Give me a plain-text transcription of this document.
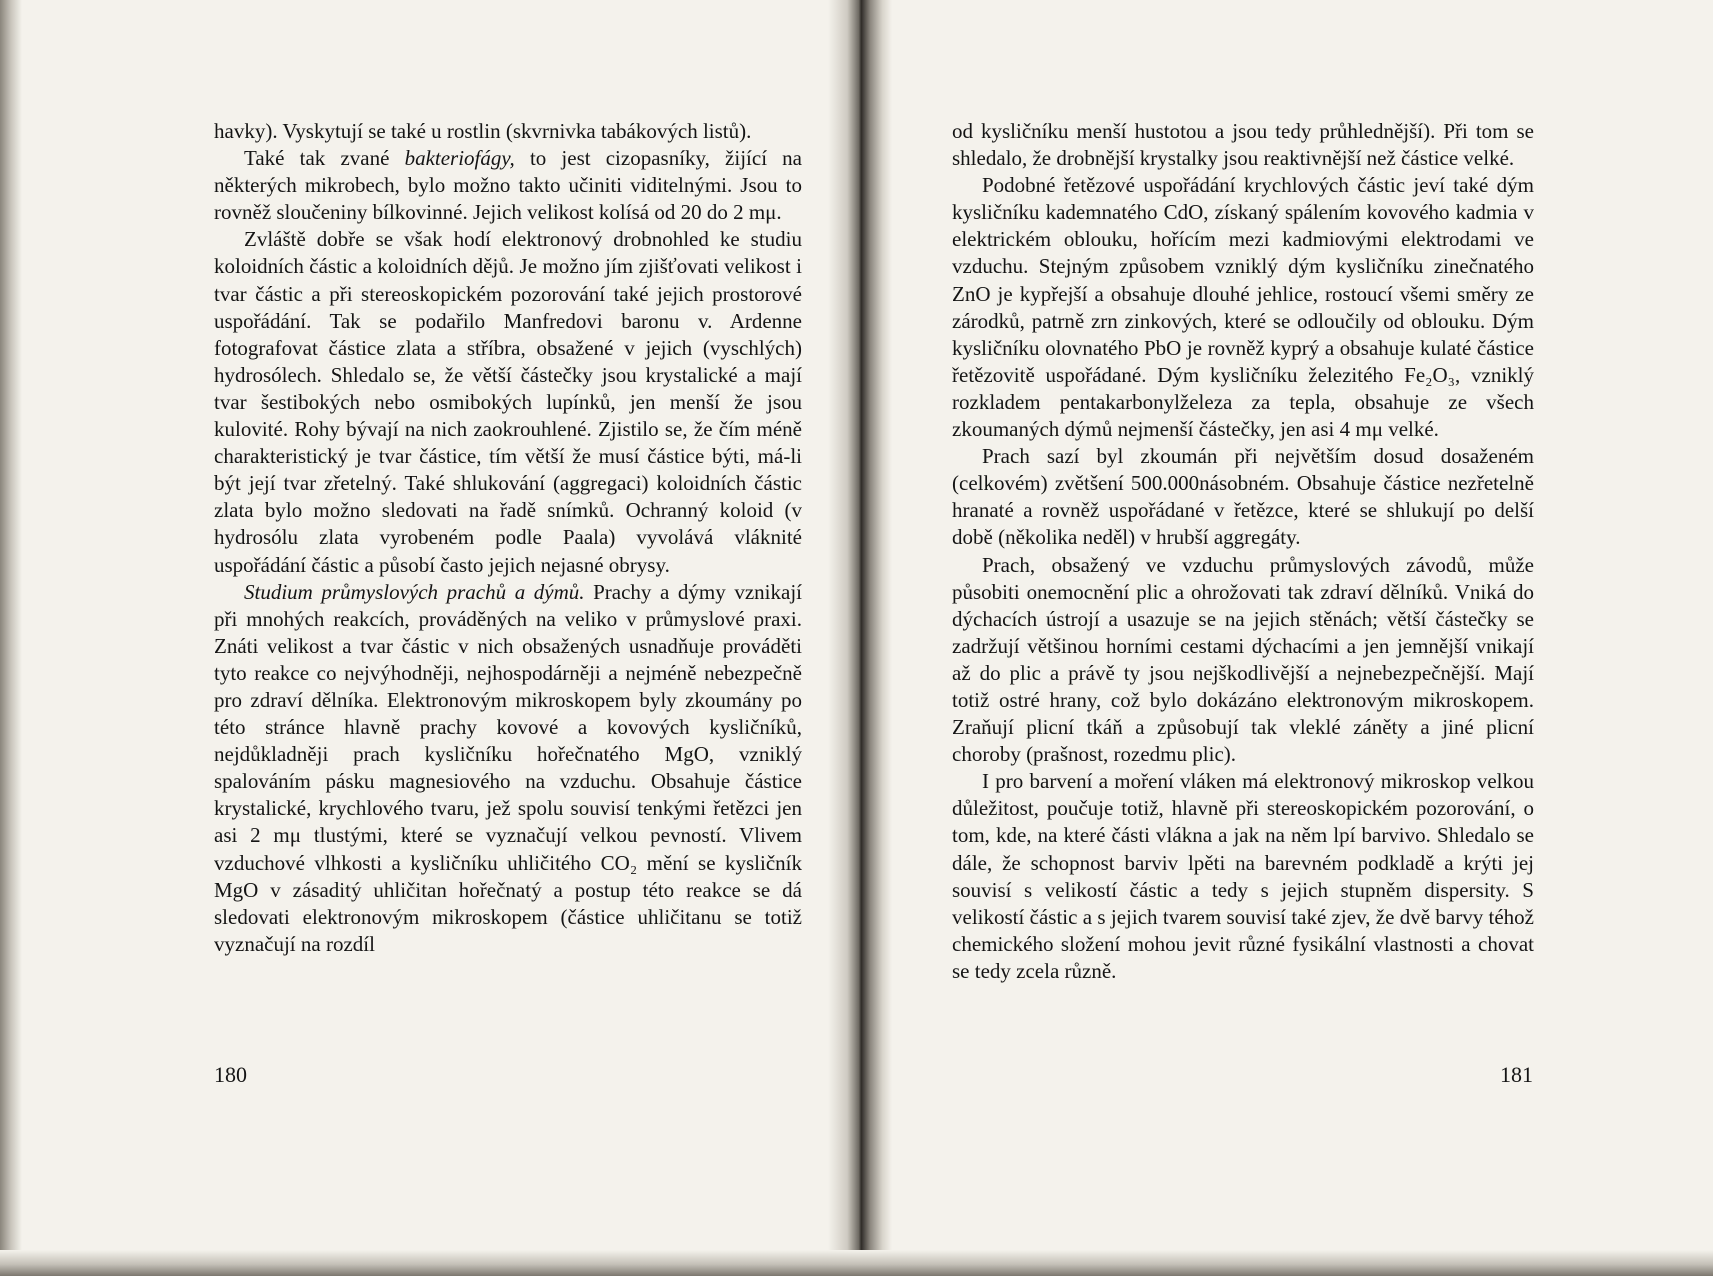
havky). Vyskytují se také u rostlin (skvrnivka tabákových listů).

Také tak zvané bakteriofágy, to jest cizopasníky, žijící na některých mikrobech, bylo možno takto učiniti viditelnými. Jsou to rovněž sloučeniny bílkovinné. Jejich velikost kolísá od 20 do 2 mμ.

Zvláště dobře se však hodí elektronový drobnohled ke studiu koloidních částic a koloidních dějů. Je možno jím zjišťovati velikost i tvar částic a při stereoskopickém pozorování také jejich prostorové uspořádání. Tak se podařilo Manfredovi baronu v. Ardenne fotografovat částice zlata a stříbra, obsažené v jejich (vyschlých) hydrosólech. Shledalo se, že větší částečky jsou krystalické a mají tvar šestibokých nebo osmibokých lupínků, jen menší že jsou kulovité. Rohy bývají na nich zaokrouhlené. Zjistilo se, že čím méně charakteristický je tvar částice, tím větší že musí částice býti, má-li být její tvar zřetelný. Také shlukování (aggregaci) koloidních částic zlata bylo možno sledovati na řadě snímků. Ochranný koloid (v hydrosólu zlata vyrobeném podle Paala) vyvolává vláknité uspořádání částic a působí často jejich nejasné obrysy.

Studium průmyslových prachů a dýmů. Prachy a dýmy vznikají při mnohých reakcích, prováděných na veliko v průmyslové praxi. Znáti velikost a tvar částic v nich obsažených usnadňuje prováděti tyto reakce co nejvýhodněji, nejhospodárněji a nejméně nebezpečně pro zdraví dělníka. Elektronovým mikroskopem byly zkoumány po této stránce hlavně prachy kovové a kovových kysličníků, nejdůkladněji prach kysličníku hořečnatého MgO, vzniklý spalováním pásku magnesiového na vzduchu. Obsahuje částice krystalické, krychlového tvaru, jež spolu souvisí tenkými řetězci jen asi 2 mμ tlustými, které se vyznačují velkou pevností. Vlivem vzduchové vlhkosti a kysličníku uhličitého CO₂ mění se kysličník MgO v zásaditý uhličitan hořečnatý a postup této reakce se dá sledovati elektronovým mikroskopem (částice uhličitanu se totiž vyznačují na rozdíl

180

od kysličníku menší hustotou a jsou tedy průhlednější). Při tom se shledalo, že drobnější krystalky jsou reaktivnější než částice velké.

Podobné řetězové uspořádání krychlových částic jeví také dým kysličníku kademnatého CdO, získaný spálením kovového kadmia v elektrickém oblouku, hořícím mezi kadmiovými elektrodami ve vzduchu. Stejným způsobem vzniklý dým kysličníku zinečnatého ZnO je kypřejší a obsahuje dlouhé jehlice, rostoucí všemi směry ze zárodků, patrně zrn zinkových, které se odloučily od oblouku. Dým kysličníku olovnatého PbO je rovněž kyprý a obsahuje kulaté částice řetězovitě uspořádané. Dým kysličníku železitého Fe₂O₃, vzniklý rozkladem pentakarbonylželeza za tepla, obsahuje ze všech zkoumaných dýmů nejmenší částečky, jen asi 4 mμ velké.

Prach sazí byl zkoumán při největším dosud dosaženém (celkovém) zvětšení 500.000násobném. Obsahuje částice nezřetelně hranaté a rovněž uspořádané v řetězce, které se shlukují po delší době (několika neděl) v hrubší aggregáty.

Prach, obsažený ve vzduchu průmyslových závodů, může působiti onemocnění plic a ohrožovati tak zdraví dělníků. Vniká do dýchacích ústrojí a usazuje se na jejich stěnách; větší částečky se zadržují většinou horními cestami dýchacími a jen jemnější vnikají až do plic a právě ty jsou nejškodlivější a nejnebezpečnější. Mají totiž ostré hrany, což bylo dokázáno elektronovým mikroskopem. Zraňují plicní tkáň a způsobují tak vleklé záněty a jiné plicní choroby (prašnost, rozedmu plic).

I pro barvení a moření vláken má elektronový mikroskop velkou důležitost, poučuje totiž, hlavně při stereoskopickém pozorování, o tom, kde, na které části vlákna a jak na něm lpí barvivo. Shledalo se dále, že schopnost barviv lpěti na barevném podkladě a krýti jej souvisí s velikostí částic a tedy s jejich stupněm dispersity. S velikostí částic a s jejich tvarem souvisí také zjev, že dvě barvy téhož chemického složení mohou jevit různé fysikální vlastnosti a chovat se tedy zcela různě.

181
